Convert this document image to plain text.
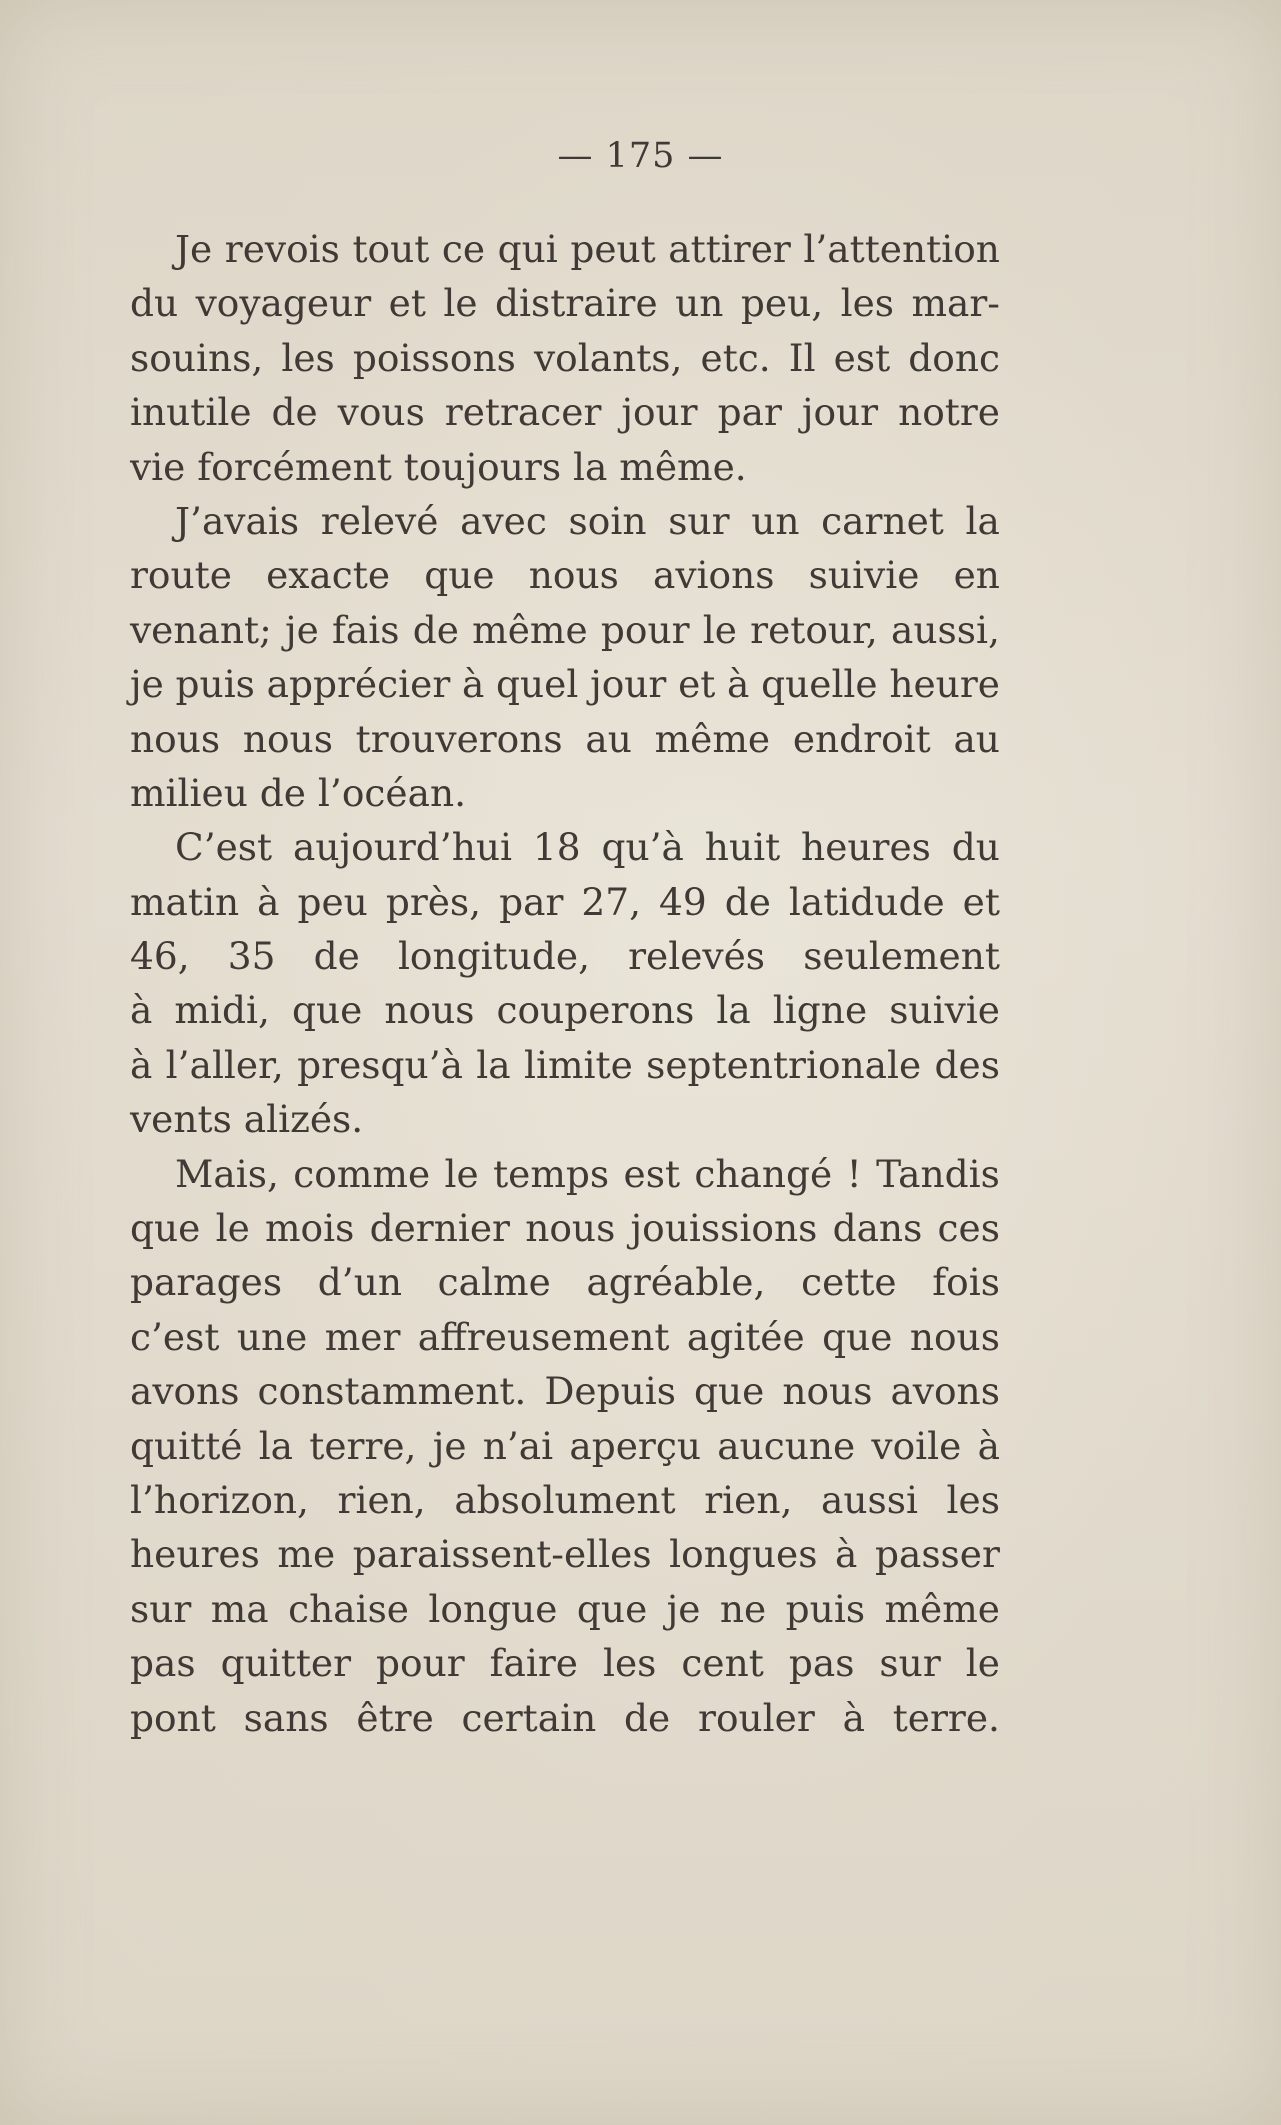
— 175 —
Je revois tout ce qui peut attirer l’attention
du voyageur et le distraire un peu, les mar-
souins, les poissons volants, etc. Il est donc
inutile de vous retracer jour par jour notre
vie forcément toujours la même.
J’avais relevé avec soin sur un carnet la
route exacte que nous avions suivie en
venant; je fais de même pour le retour, aussi,
je puis apprécier à quel jour et à quelle heure
nous nous trouverons au même endroit au
milieu de l’océan.
C’est aujourd’hui 18 qu’à huit heures du
matin à peu près, par 27, 49 de latidude et
46, 35 de longitude, relevés seulement
à midi, que nous couperons la ligne suivie
à l’aller, presqu’à la limite septentrionale des
vents alizés.
Mais, comme le temps est changé ! Tandis
que le mois dernier nous jouissions dans ces
parages d’un calme agréable, cette fois
c’est une mer affreusement agitée que nous
avons constamment. Depuis que nous avons
quitté la terre, je n’ai aperçu aucune voile à
l’horizon, rien, absolument rien, aussi les
heures me paraissent-elles longues à passer
sur ma chaise longue que je ne puis même
pas quitter pour faire les cent pas sur le
pont sans être certain de rouler à terre.
